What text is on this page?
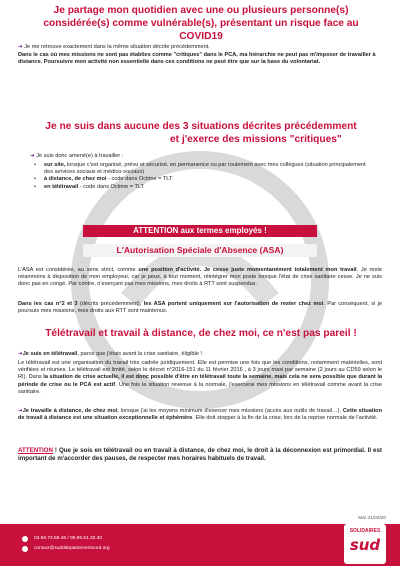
Je partage mon quotidien avec une ou plusieurs personne(s) considérée(s) comme vulnérable(s), présentant un risque face au COVID19
➔ Je me retrouve exactement dans la même situation décrite précédemment.
Dans le cas où mes missions ne sont pas établies comme "critiques" dans le PCA, ma hiérarchie ne peut pas m'imposer de travailler à distance. Poursuivre mon activité non essentielle dans ces conditions ne peut être que sur la base du volontariat.
Je ne suis dans aucune des 3 situations décrites précédemment
et j'exerce des missions "critiques"
➔ Je suis donc amené(e) à travailler :
• sur site, lorsque c'est organisé, prévu et sécurisé, en permanence ou par roulement avec mes collègues (situation principalement des services sociaux et médico-sociaux)
• à distance, de chez moi - code dans Octime = TLT
• en télétravail - code dans Octime = TLT
ATTENTION aux termes employés !
L'Autorisation Spéciale d'Absence (ASA)
L'ASA est considérée, au sens strict, comme une position d'activité. Je cesse juste momentanément totalement mon travail. Je reste néanmoins à disposition de mon employeur, car je peux, à tout moment, réintégrer mon poste lorsque l'état de crise sanitaire cesse. Je ne suis donc pas en congé. Par contre, n'exerçant pas mes missions, mes droits à RTT sont suspendus.
Dans les cas n°2 et 3 (décrits précédemment), les ASA portent uniquement sur l'autorisation de rester chez moi. Par conséquent, si je poursuis mes missions, mes droits aux RTT sont maintenus.
Télétravail et travail à distance, de chez moi, ce n'est pas pareil !
➔Je suis en télétravail, parce que j'étais avant la crise sanitaire, éligible !
Le télétravail est une organisation du travail très cadrée juridiquement. Elle est permise une fois que les conditions, notamment matérielles, sont vérifiées et réunies. Le télétravail est limité, selon le décret n°2016-151 du 11 février 2016 , à 3 jours maxi par semaine (2 jours au CD59 selon le RI). Dans la situation de crise actuelle, il est donc possible d'être en télétravail toute la semaine, mais cela ne sera possible que durant la période de crise ou le PCA est actif. Une fois la situation revenue à la normale, j'exercerai mes missions en télétravail comme avant la crise sanitaire.
➔Je travaille à distance, de chez moi, lorsque j'ai les moyens minimum d'exercer mes missions (accès aux outils de travail…). Cette situation de travail à distance est une situation exceptionnelle et éphémère. Elle doit stopper à la fin de la crise, lors de la reprise normale de l'activité.
ATTENTION ! Que je sois en télétravail ou en travail à distance, de chez moi, le droit à la déconnexion est primordial. Il est important de m'accorder des pauses, de respecter mes horaires habituels de travail.
Mai 31/03/20
03.59.73.58.46 / 06.95.51.33.30
contact@sudddepartementnord.org
SOLIDAIRES
sud
